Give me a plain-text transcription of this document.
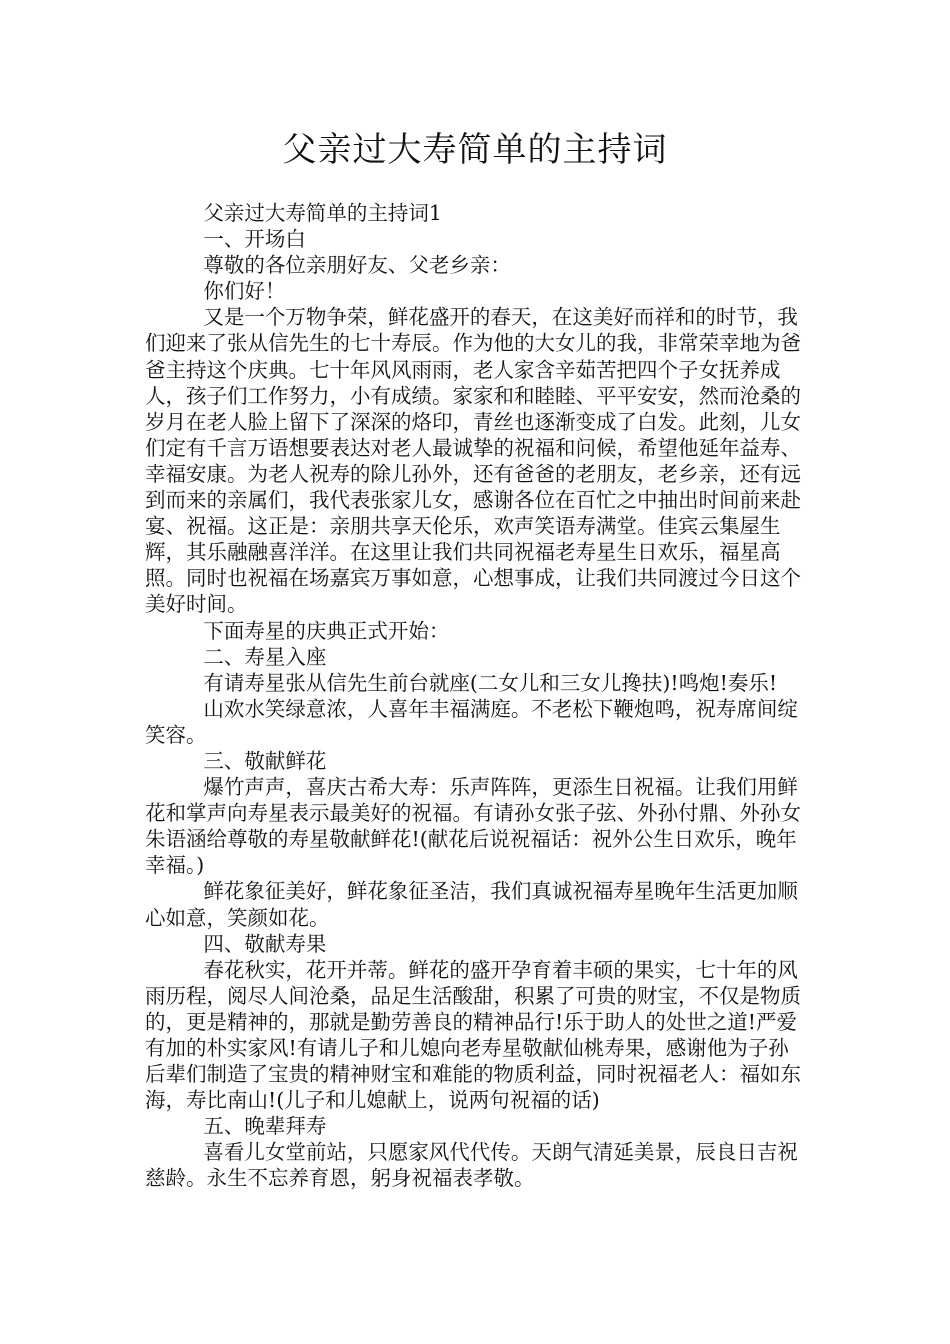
父亲过大寿简单的主持词

父亲过大寿简单的主持词1

一、开场白

尊敬的各位亲朋好友、父老乡亲：

你们好！

又是一个万物争荣，鲜花盛开的春天，在这美好而祥和的时节，我们迎来了张从信先生的七十寿辰。作为他的大女儿的我，非常荣幸地为爸爸主持这个庆典。七十年风风雨雨，老人家含辛茹苦把四个子女抚养成人，孩子们工作努力，小有成绩。家家和和睦睦、平平安安，然而沧桑的岁月在老人脸上留下了深深的烙印，青丝也逐渐变成了白发。此刻，儿女们定有千言万语想要表达对老人最诚挚的祝福和问候，希望他延年益寿、幸福安康。为老人祝寿的除儿孙外，还有爸爸的老朋友，老乡亲，还有远到而来的亲属们，我代表张家儿女，感谢各位在百忙之中抽出时间前来赴宴、祝福。这正是：亲朋共享天伦乐，欢声笑语寿满堂。佳宾云集屋生辉，其乐融融喜洋洋。在这里让我们共同祝福老寿星生日欢乐，福星高照。同时也祝福在场嘉宾万事如意，心想事成，让我们共同渡过今日这个美好时间。

下面寿星的庆典正式开始：

二、寿星入座

有请寿星张从信先生前台就座(二女儿和三女儿搀扶)!鸣炮!奏乐!

山欢水笑绿意浓，人喜年丰福满庭。不老松下鞭炮鸣，祝寿席间绽笑容。

三、敬献鲜花

爆竹声声，喜庆古希大寿：乐声阵阵，更添生日祝福。让我们用鲜花和掌声向寿星表示最美好的祝福。有请孙女张子弦、外孙付鼎、外孙女朱语涵给尊敬的寿星敬献鲜花!(献花后说祝福话：祝外公生日欢乐，晚年幸福。)

鲜花象征美好，鲜花象征圣洁，我们真诚祝福寿星晚年生活更加顺心如意，笑颜如花。

四、敬献寿果

春花秋实，花开并蒂。鲜花的盛开孕育着丰硕的果实，七十年的风雨历程，阅尽人间沧桑，品足生活酸甜，积累了可贵的财宝，不仅是物质的，更是精神的，那就是勤劳善良的精神品行!乐于助人的处世之道!严爱有加的朴实家风!有请儿子和儿媳向老寿星敬献仙桃寿果，感谢他为子孙后辈们制造了宝贵的精神财宝和难能的物质利益，同时祝福老人：福如东海，寿比南山!(儿子和儿媳献上，说两句祝福的话)

五、晚辈拜寿

喜看儿女堂前站，只愿家风代代传。天朗气清延美景，辰良日吉祝慈龄。永生不忘养育恩，躬身祝福表孝敬。
